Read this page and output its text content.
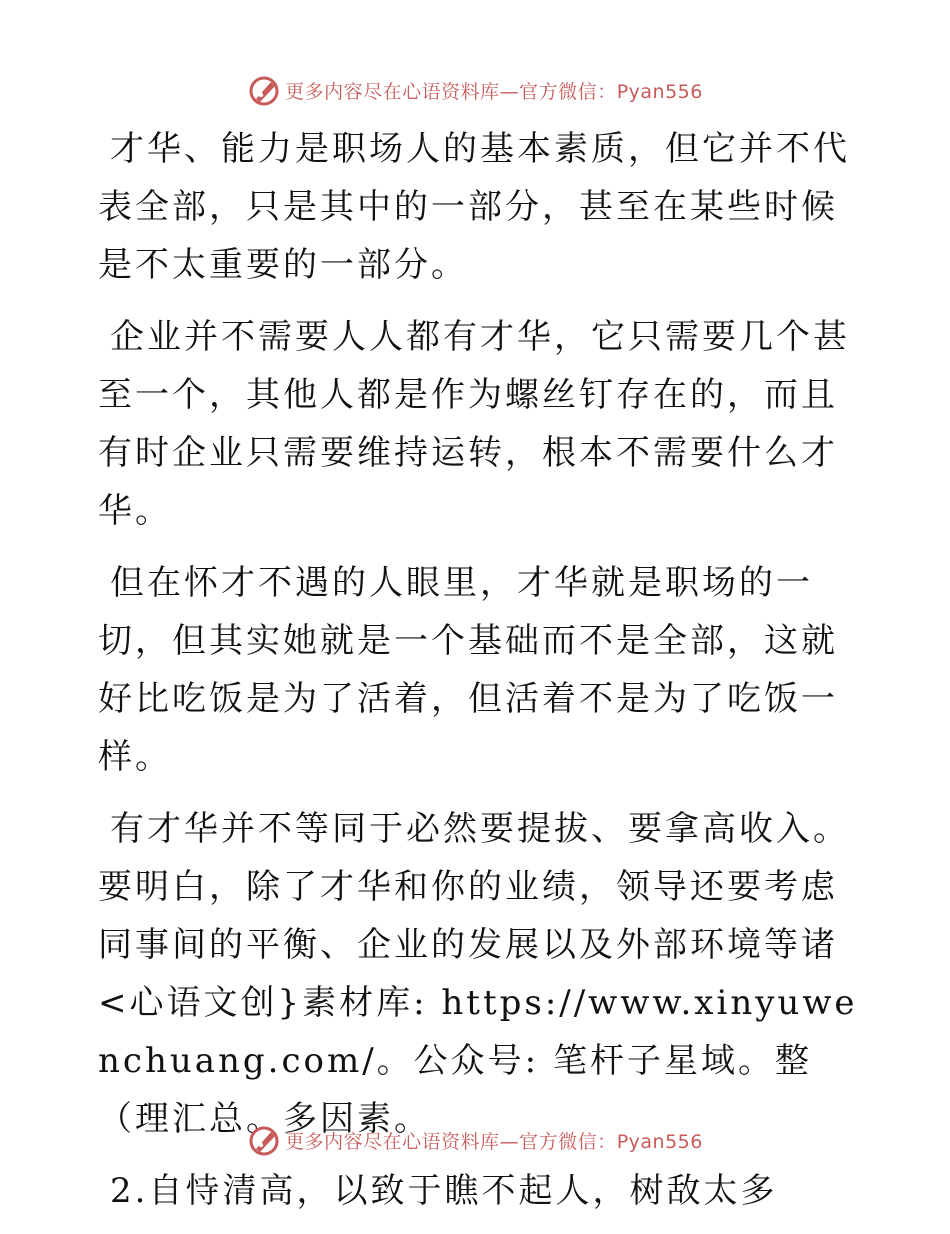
更多内容尽在心语资料库—官方微信：Pyan556

才华、能力是职场人的基本素质，但它并不代表全部，只是其中的一部分，甚至在某些时候是不太重要的一部分。

企业并不需要人人都有才华，它只需要几个甚至一个，其他人都是作为螺丝钉存在的，而且有时企业只需要维持运转，根本不需要什么才华。

但在怀才不遇的人眼里，才华就是职场的一切，但其实她就是一个基础而不是全部，这就好比吃饭是为了活着，但活着不是为了吃饭一样。

有才华并不等同于必然要提拔、要拿高收入。要明白，除了才华和你的业绩，领导还要考虑同事间的平衡、企业的发展以及外部环境等诸<心语文创}素材库: https://www.xinyuwenchuang.com/。公众号: 笔杆子星域。整（理汇总。多因素。

2.自恃清高，以致于瞧不起人，树敌太多

更多内容尽在心语资料库—官方微信：Pyan556
